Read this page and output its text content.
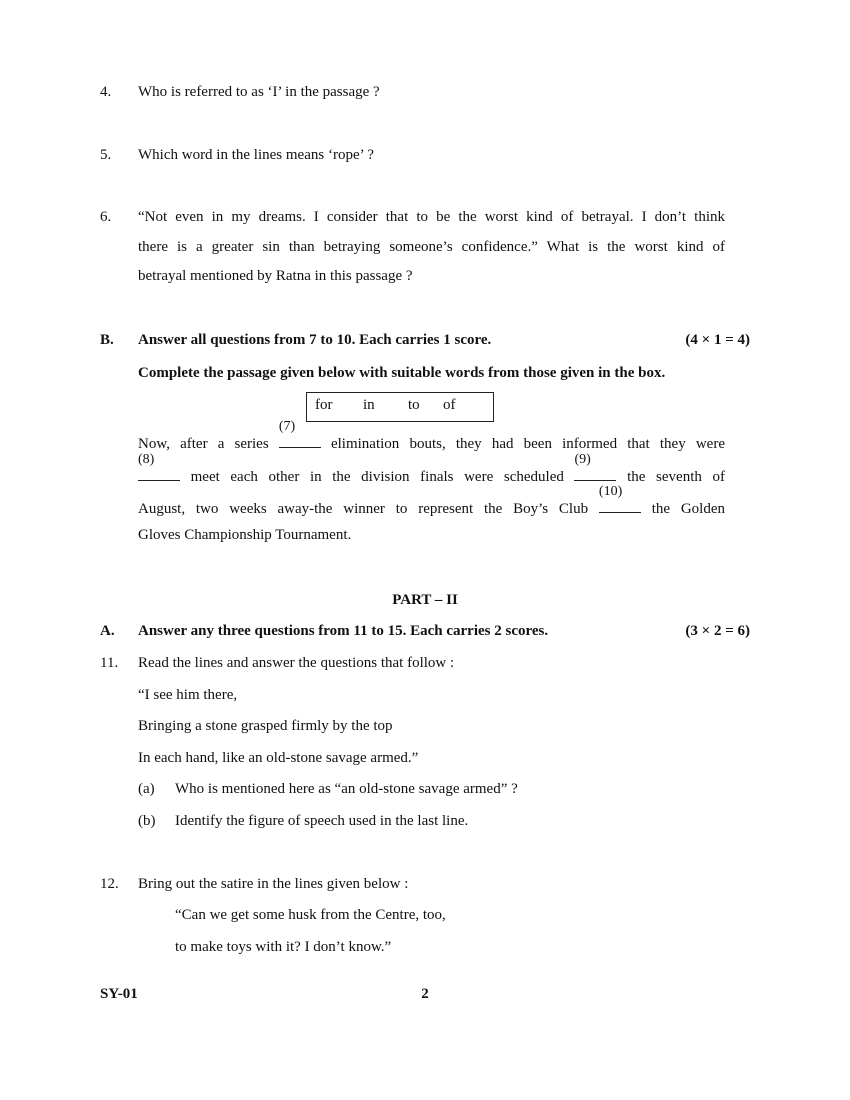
4. Who is referred to as ‘I’ in the passage ?
5. Which word in the lines means ‘rope’ ?
6. “Not even in my dreams. I consider that to be the worst kind of betrayal. I don’t think
there is a greater sin than betraying someone’s confidence.” What is the worst kind of
betrayal mentioned by Ratna in this passage ?
B. Answer all questions from 7 to 10. Each carries 1 score.	(4 × 1 = 4)
Complete the passage given below with suitable words from those given in the box.
for in to of
Now, after a series
(7)
elimination bouts, they had been informed that they were
(8)
meet each other in the division finals were scheduled
(9)
the seventh of
August, two weeks away-the winner to represent the Boy’s Club
(10)
the Golden
Gloves Championship Tournament.
PART – II
A. Answer any three questions from 11 to 15. Each carries 2 scores.	(3 × 2 = 6)
11. Read the lines and answer the questions that follow :
“I see him there,
Bringing a stone grasped firmly by the top
In each hand, like an old-stone savage armed.”
(a) Who is mentioned here as “an old-stone savage armed” ?
(b) Identify the figure of speech used in the last line.
12. Bring out the satire in the lines given below :
“Can we get some husk from the Centre, too,
to make toys with it? I don’t know.”
SY-01	2
